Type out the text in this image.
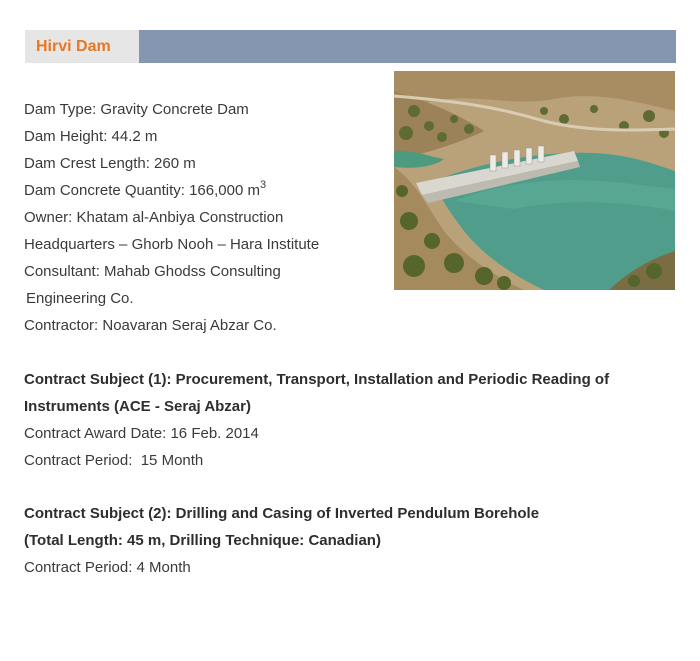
Hirvi Dam
Dam Type: Gravity Concrete Dam
Dam Height: 44.2 m
Dam Crest Length: 260 m
Dam Concrete Quantity: 166,000 $m^3$
Owner: Khatam al-Anbiya Construction
Headquarters – Ghorb Nooh – Hara Institute
Consultant: Mahab Ghodss Consulting
Engineering Co.
Contractor: Noavaran Seraj Abzar Co.
Contract Subject (1): Procurement, Transport, Installation and Periodic Reading of
Instruments (ACE - Seraj Abzar)
Contract Award Date: 16 Feb. 2014
Contract Period:  15 Month
Contract Subject (2): Drilling and Casing of Inverted Pendulum Borehole
(Total Length: 45 m, Drilling Technique: Canadian)
Contract Period: 4 Month
